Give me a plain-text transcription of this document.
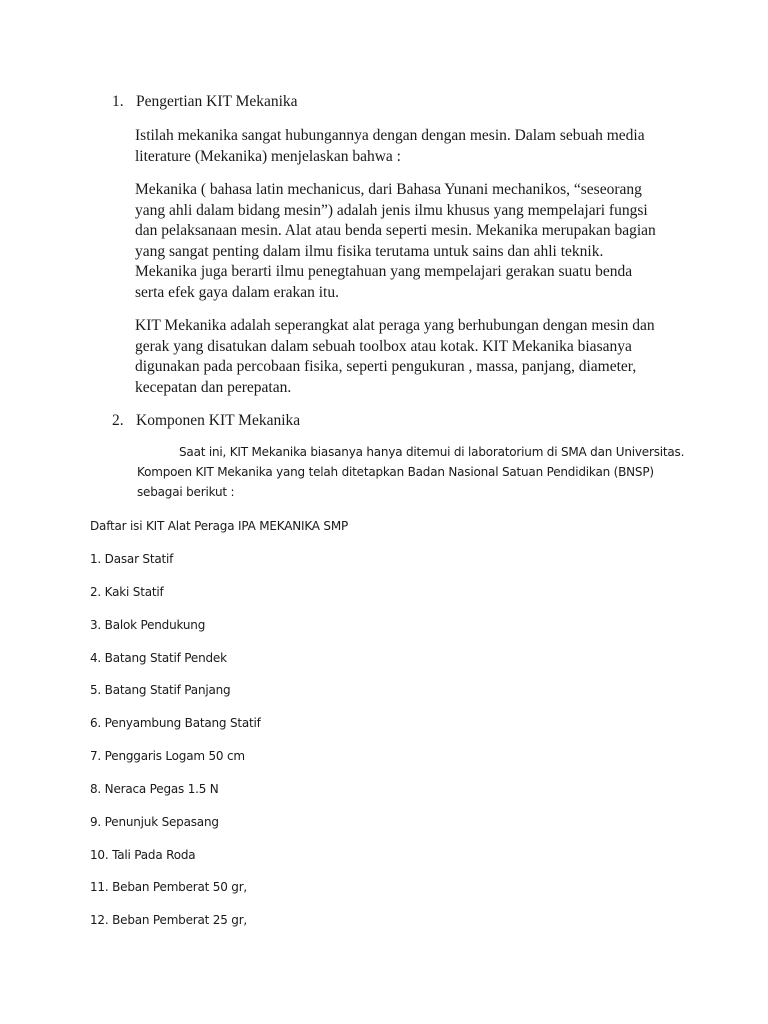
1. Pengertian KIT Mekanika

Istilah mekanika sangat hubungannya dengan dengan mesin. Dalam sebuah media literature (Mekanika) menjelaskan bahwa :

Mekanika ( bahasa latin mechanicus, dari Bahasa Yunani mechanikos, “seseorang yang ahli dalam bidang mesin”) adalah jenis ilmu khusus yang mempelajari fungsi dan pelaksanaan mesin. Alat atau benda seperti mesin. Mekanika merupakan bagian yang sangat penting dalam ilmu fisika terutama untuk sains dan ahli teknik. Mekanika juga berarti ilmu penegtahuan yang mempelajari gerakan suatu benda serta efek gaya dalam erakan itu.

KIT Mekanika adalah seperangkat alat peraga yang berhubungan dengan mesin dan gerak yang disatukan dalam sebuah toolbox atau kotak. KIT Mekanika biasanya digunakan pada percobaan fisika, seperti pengukuran , massa, panjang, diameter, kecepatan dan perepatan.

2. Komponen KIT Mekanika

Saat ini, KIT Mekanika biasanya hanya ditemui di laboratorium di SMA dan Universitas. Kompoen KIT Mekanika yang telah ditetapkan Badan Nasional Satuan Pendidikan (BNSP) sebagai berikut :

Daftar isi KIT Alat Peraga IPA MEKANIKA SMP

1. Dasar Statif

2. Kaki Statif

3. Balok Pendukung

4. Batang Statif Pendek

5. Batang Statif Panjang

6. Penyambung Batang Statif

7. Penggaris Logam 50 cm

8. Neraca Pegas 1.5 N

9. Penunjuk Sepasang

10. Tali Pada Roda

11. Beban Pemberat 50 gr,

12. Beban Pemberat 25 gr,
